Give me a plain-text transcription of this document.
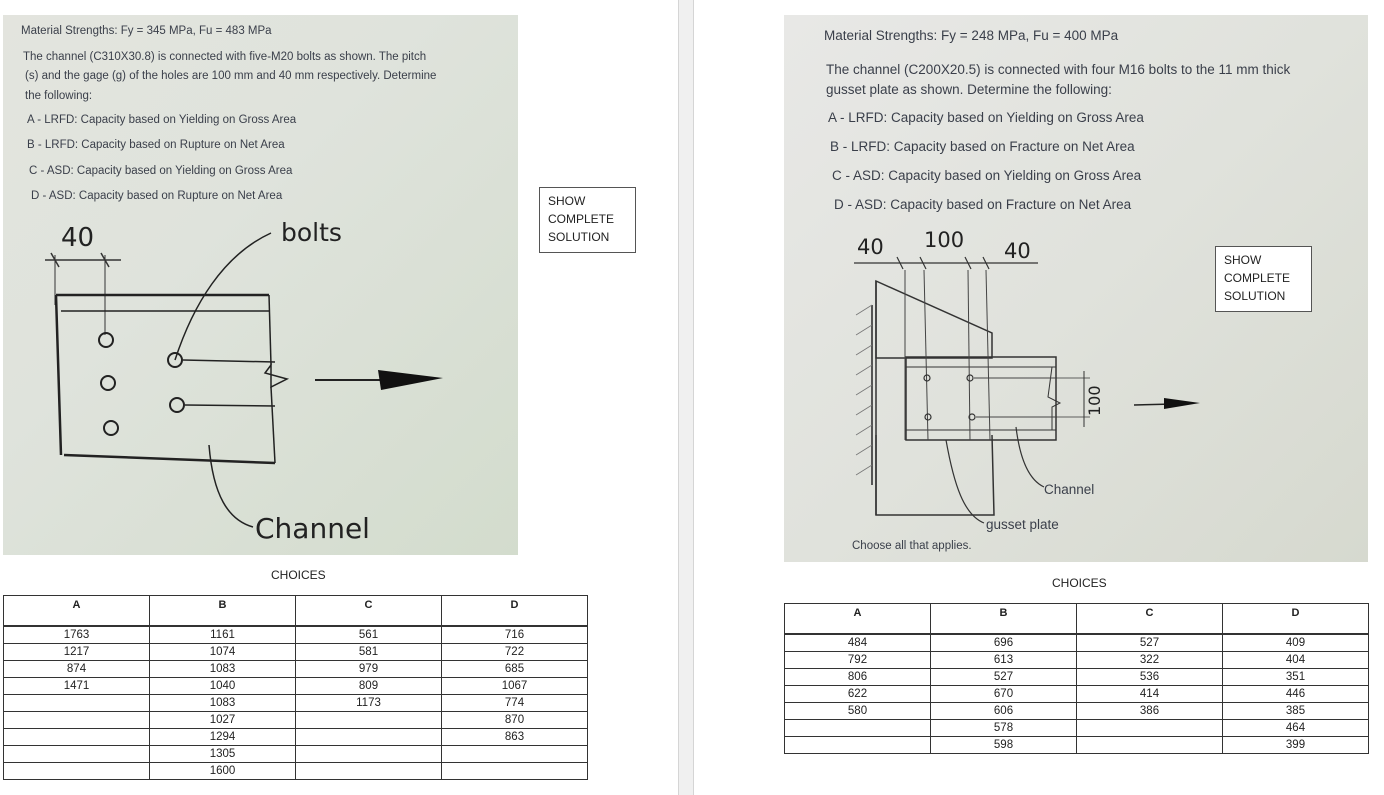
Material Strengths: Fy = 345 MPa, Fu = 483 MPa
The channel (C310X30.8) is connected with five-M20 bolts as shown. The pitch
(s) and the gage (g) of the holes are 100 mm and 40 mm respectively. Determine
the following:
A - LRFD: Capacity based on Yielding on Gross Area
B - LRFD: Capacity based on Rupture on Net Area
C - ASD: Capacity based on Yielding on Gross Area
D - ASD: Capacity based on Rupture on Net Area
40	bolts
Channel
SHOW
COMPLETE
SOLUTION
CHOICES
A	B	C	D
1763	1161	561	716
1217	1074	581	722
874	1083	979	685
1471	1040	809	1067
	1083	1173	774
	1027		870
	1294		863
	1305		
	1600		
Material Strengths: Fy = 248 MPa, Fu = 400 MPa
The channel (C200X20.5) is connected with four M16 bolts to the 11 mm thick
gusset plate as shown. Determine the following:
A - LRFD: Capacity based on Yielding on Gross Area
B - LRFD: Capacity based on Fracture on Net Area
C - ASD: Capacity based on Yielding on Gross Area
D - ASD: Capacity based on Fracture on Net Area
40 100 40
100
Channel
gusset plate
Choose all that applies.
SHOW
COMPLETE
SOLUTION
CHOICES
A	B	C	D
484	696	527	409
792	613	322	404
806	527	536	351
622	670	414	446
580	606	386	385
	578		464
	598		399
